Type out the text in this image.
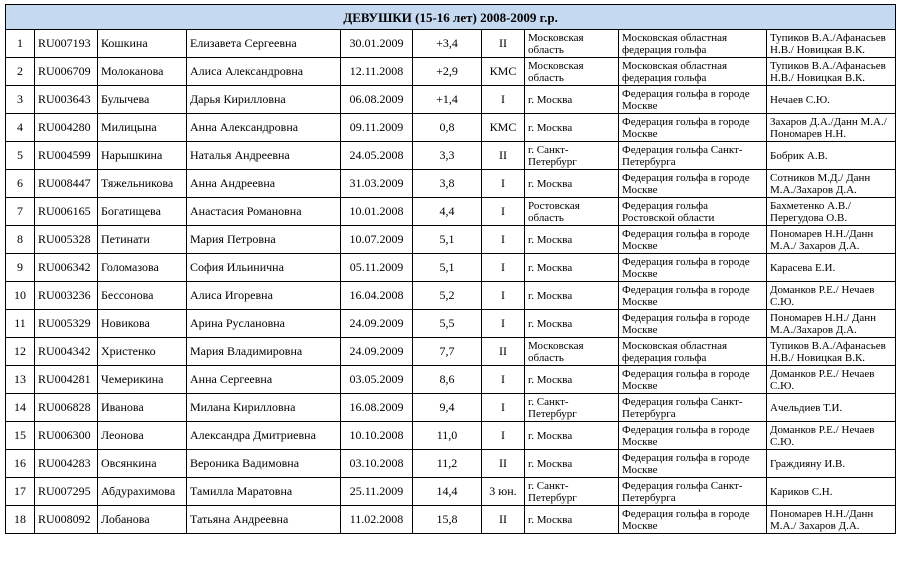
ДЕВУШКИ (15-16 лет) 2008-2009 г.р.									
1	RU007193	Кошкина	Елизавета Сергеевна	30.01.2009	+3,4	II	Московская область	Московская областная федерация гольфа	Тупиков В.А./Афанасьев Н.В./ Новицкая В.К.
2	RU006709	Молоканова	Алиса Александровна	12.11.2008	+2,9	КМС	Московская область	Московская областная федерация гольфа	Тупиков В.А./Афанасьев Н.В./ Новицкая В.К.
3	RU003643	Булычева	Дарья Кирилловна	06.08.2009	+1,4	I	г. Москва	Федерация гольфа в городе Москве	Нечаев С.Ю.
4	RU004280	Милицына	Анна Александровна	09.11.2009	0,8	КМС	г. Москва	Федерация гольфа в городе Москве	Захаров Д.А./Данн М.А./Пономарев Н.Н.
5	RU004599	Нарышкина	Наталья Андреевна	24.05.2008	3,3	II	г. Санкт-Петербург	Федерация гольфа Санкт-Петербурга	Бобрик А.В.
6	RU008447	Тяжельникова	Анна Андреевна	31.03.2009	3,8	I	г. Москва	Федерация гольфа в городе Москве	Сотников М.Д./ Данн М.А./Захаров Д.А.
7	RU006165	Богатищева	Анастасия Романовна	10.01.2008	4,4	I	Ростовская область	Федерация гольфа Ростовской области	Бахметенко А.В./ Перегудова О.В.
8	RU005328	Петинати	Мария Петровна	10.07.2009	5,1	I	г. Москва	Федерация гольфа в городе Москве	Пономарев Н.Н./Данн М.А./ Захаров Д.А.
9	RU006342	Голомазова	София Ильинична	05.11.2009	5,1	I	г. Москва	Федерация гольфа в городе Москве	Карасева Е.И.
10	RU003236	Бессонова	Алиса Игоревна	16.04.2008	5,2	I	г. Москва	Федерация гольфа в городе Москве	Доманков Р.Е./ Нечаев С.Ю.
11	RU005329	Новикова	Арина Руслановна	24.09.2009	5,5	I	г. Москва	Федерация гольфа в городе Москве	Пономарев Н.Н./ Данн М.А./Захаров Д.А.
12	RU004342	Христенко	Мария Владимировна	24.09.2009	7,7	II	Московская область	Московская областная федерация гольфа	Тупиков В.А./Афанасьев Н.В./ Новицкая В.К.
13	RU004281	Чемерикина	Анна Сергеевна	03.05.2009	8,6	I	г. Москва	Федерация гольфа в городе Москве	Доманков Р.Е./ Нечаев С.Ю.
14	RU006828	Иванова	Милана Кирилловна	16.08.2009	9,4	I	г. Санкт-Петербург	Федерация гольфа Санкт-Петербурга	Ачельдиев Т.И.
15	RU006300	Леонова	Александра Дмитриевна	10.10.2008	11,0	I	г. Москва	Федерация гольфа в городе Москве	Доманков Р.Е./ Нечаев С.Ю.
16	RU004283	Овсянкина	Вероника Вадимовна	03.10.2008	11,2	II	г. Москва	Федерация гольфа в городе Москве	Граждияну И.В.
17	RU007295	Абдурахимова	Тамилла Маратовна	25.11.2009	14,4	3 юн.	г. Санкт-Петербург	Федерация гольфа Санкт-Петербурга	Кариков С.Н.
18	RU008092	Лобанова	Татьяна Андреевна	11.02.2008	15,8	II	г. Москва	Федерация гольфа в городе Москве	Пономарев Н.Н./Данн М.А./ Захаров Д.А.
